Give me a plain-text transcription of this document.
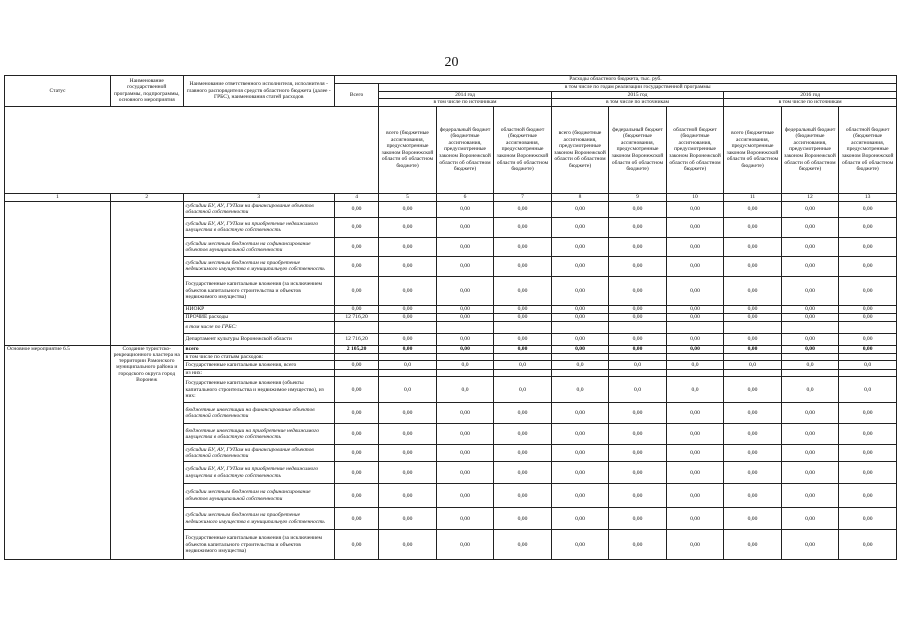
20
Статус	Наименование государственной программы, подпрограммы, основного мероприятия	Наименование ответственного исполнителя, исполнителя - главного распорядителя средств областного бюджета (далее - ГРБС), наименования статей расходов	Расходы областного бюджета, тыс. руб.									
			Всего	в том числе по годам реализации государственной программы								
				2014 год			2015 год			2016 год		
				в том числе по источникам			в том числе по источникам			в том числе по источникам		
				всего (бюджетные ассигнования, предусмотренные законом Воронежской области об областном бюджете)	федеральный бюджет (бюджетные ассигнования, предусмотренные законом Воронежской области об областном бюджете)	областной бюджет (бюджетные ассигнования, предусмотренные законом Воронежской области об областном бюджете)	всего (бюджетные ассигнования, предусмотренные законом Воронежской области об областном бюджете)	федеральный бюджет (бюджетные ассигнования, предусмотренные законом Воронежской области об областном бюджете)	областной бюджет (бюджетные ассигнования, предусмотренные законом Воронежской области об областном бюджете)	всего (бюджетные ассигнования, предусмотренные законом Воронежской области об областном бюджете)	федеральный бюджет (бюджетные ассигнования, предусмотренные законом Воронежской области об областном бюджете)	областной бюджет (бюджетные ассигнования, предусмотренные законом Воронежской области об областном бюджете)
1	2	3	4	5	6	7	8	9	10	11	12	13
		субсидии БУ, АУ, ГУПам на финансирование объектов областной собственности	0,00	0,00	0,00	0,00	0,00	0,00	0,00	0,00	0,00	0,00
		субсидии БУ, АУ, ГУПам на приобретение недвижимого имущества в областную собственность	0,00	0,00	0,00	0,00	0,00	0,00	0,00	0,00	0,00	0,00
		субсидии местным бюджетам на софинансирование объектов муниципальной собственности	0,00	0,00	0,00	0,00	0,00	0,00	0,00	0,00	0,00	0,00
		субсидии местным бюджетам на приобретение недвижимого имущества в муниципальную собственность	0,00	0,00	0,00	0,00	0,00	0,00	0,00	0,00	0,00	0,00
		Государственные капитальные вложения (за исключением объектов капитального строительства и объектов недвижимого имущества)	0,00	0,00	0,00	0,00	0,00	0,00	0,00	0,00	0,00	0,00
		НИОКР	0,00	0,00	0,00	0,00	0,00	0,00	0,00	0,00	0,00	0,00
		ПРОЧИЕ расходы	12 716,20	0,00	0,00	0,00	0,00	0,00	0,00	0,00	0,00	0,00
		в том числе по ГРБС:										
		Департамент культуры Воронежской области	12 716,20	0,00	0,00	0,00	0,00	0,00	0,00	0,00	0,00	0,00
Основное мероприятие 6.5	Создание туристско-рекреационного кластера на территории Рамонского муниципального района и городского округа город Воронеж	всего	2 105,20	0,00	0,00	0,00	0,00	0,00	0,00	0,00	0,00	0,00
		в том числе по статьям расходов:										
		Государственные капитальные вложения, всего	0,00	0,0	0,0	0,0	0,0	0,0	0,0	0,0	0,0	0,0
		из них:										
		Государственные капитальные вложения (объекты капитального строительства и недвижимое имущество), из них:	0,00	0,0	0,0	0,0	0,0	0,0	0,0	0,00	0,0	0,0
		бюджетные инвестиции на финансирование объектов областной собственности	0,00	0,00	0,00	0,00	0,00	0,00	0,00	0,00	0,00	0,00
		бюджетные инвестиции на приобретение недвижимого имущества в областную собственность	0,00	0,00	0,00	0,00	0,00	0,00	0,00	0,00	0,00	0,00
		субсидии БУ, АУ, ГУПам на финансирование объектов областной собственности	0,00	0,00	0,00	0,00	0,00	0,00	0,00	0,00	0,00	0,00
		субсидии БУ, АУ, ГУПам на приобретение недвижимого имущества в областную собственность	0,00	0,00	0,00	0,00	0,00	0,00	0,00	0,00	0,00	0,00
		субсидии местным бюджетам на софинансирование объектов муниципальной собственности	0,00	0,00	0,00	0,00	0,00	0,00	0,00	0,00	0,00	0,00
		субсидии местным бюджетам на приобретение недвижимого имущества в муниципальную собственность	0,00	0,00	0,00	0,00	0,00	0,00	0,00	0,00	0,00	0,00
		Государственные капитальные вложения (за исключением объектов капитального строительства и объектов недвижимого имущества)	0,00	0,00	0,00	0,00	0,00	0,00	0,00	0,00	0,00	0,00
